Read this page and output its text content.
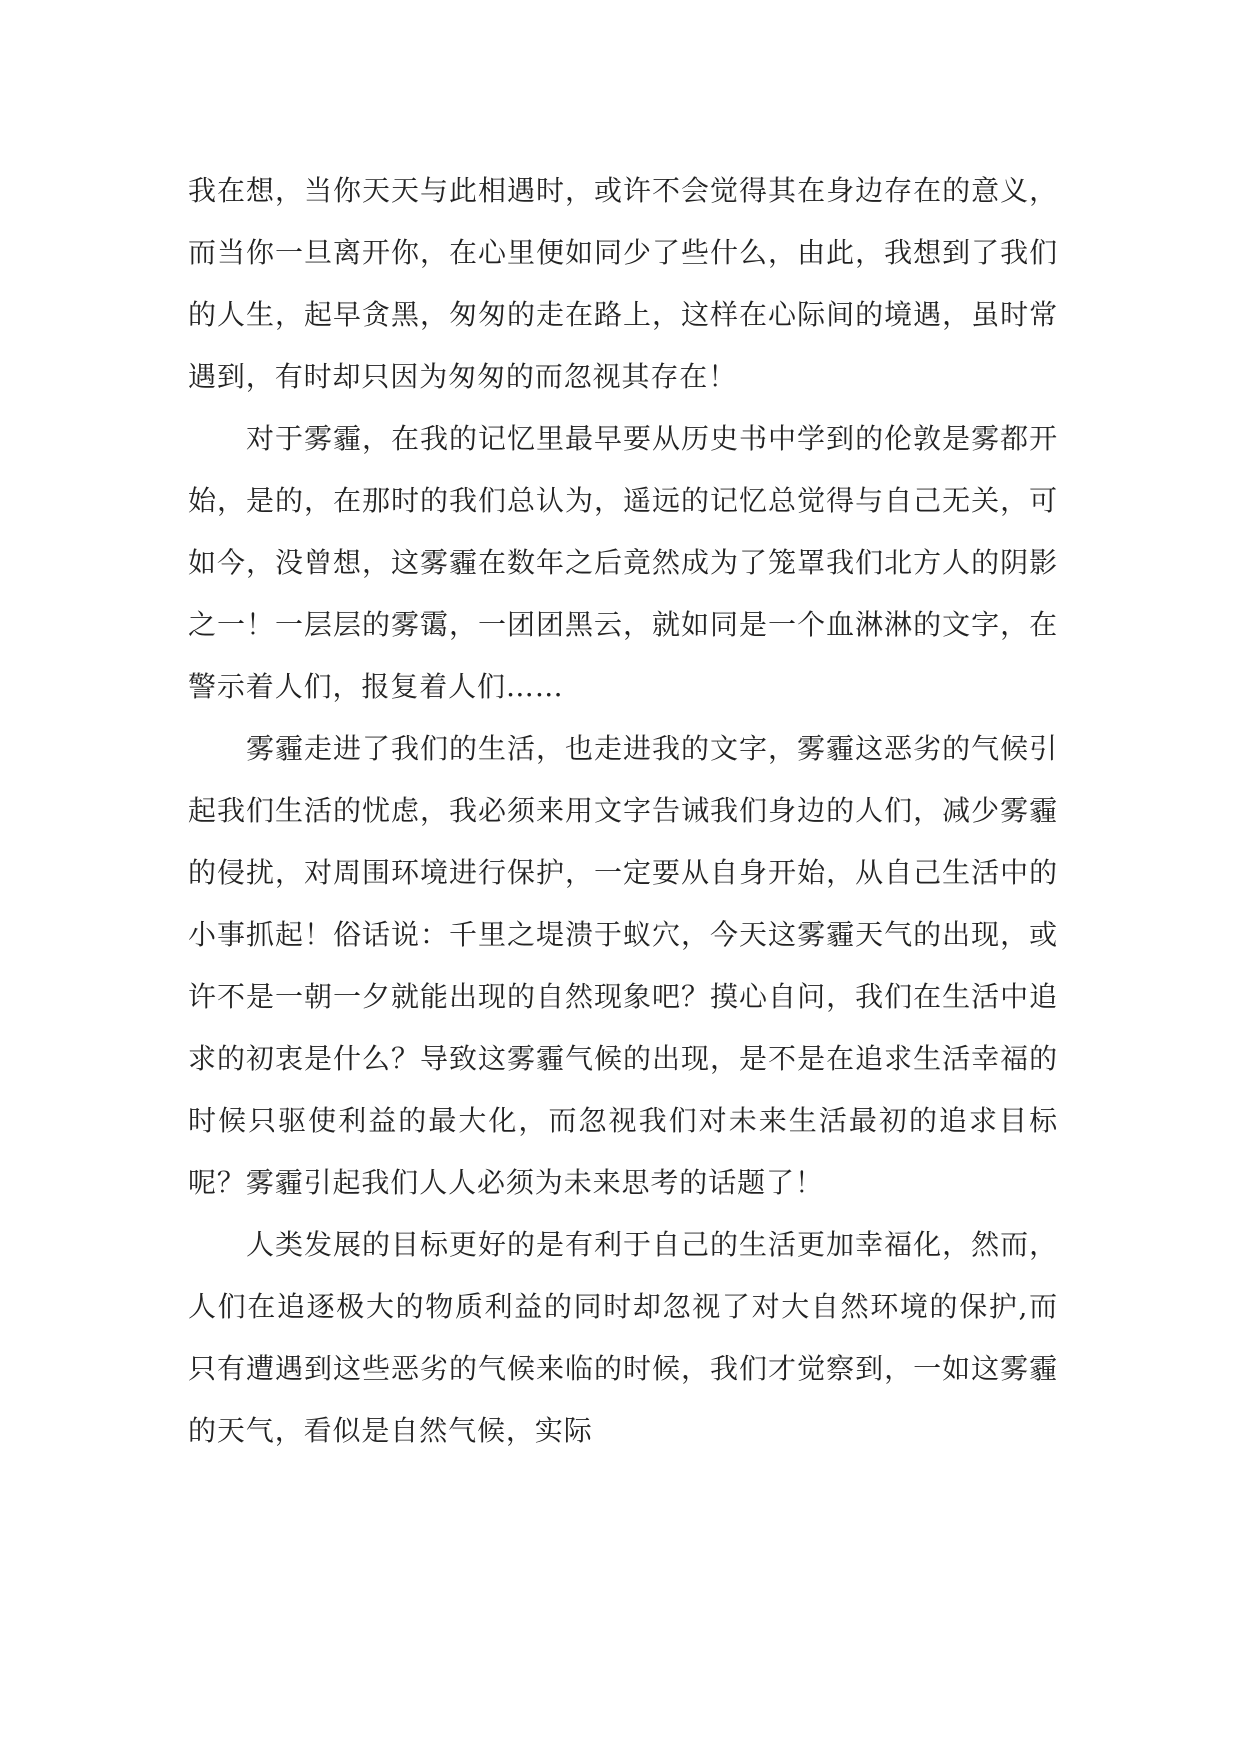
我在想，当你天天与此相遇时，或许不会觉得其在身边存在的意义，而当你一旦离开你，在心里便如同少了些什么，由此，我想到了我们的人生，起早贪黑，匆匆的走在路上，这样在心际间的境遇，虽时常遇到，有时却只因为匆匆的而忽视其存在！

对于雾霾，在我的记忆里最早要从历史书中学到的伦敦是雾都开始，是的，在那时的我们总认为，遥远的记忆总觉得与自己无关，可如今，没曾想，这雾霾在数年之后竟然成为了笼罩我们北方人的阴影之一！一层层的雾霭，一团团黑云，就如同是一个血淋淋的文字，在警示着人们，报复着人们……

雾霾走进了我们的生活，也走进我的文字，雾霾这恶劣的气候引起我们生活的忧虑，我必须来用文字告诫我们身边的人们，减少雾霾的侵扰，对周围环境进行保护，一定要从自身开始，从自己生活中的小事抓起！俗话说：千里之堤溃于蚁穴，今天这雾霾天气的出现，或许不是一朝一夕就能出现的自然现象吧？摸心自问，我们在生活中追求的初衷是什么？导致这雾霾气候的出现，是不是在追求生活幸福的时候只驱使利益的最大化，而忽视我们对未来生活最初的追求目标呢？雾霾引起我们人人必须为未来思考的话题了！

人类发展的目标更好的是有利于自己的生活更加幸福化，然而，人们在追逐极大的物质利益的同时却忽视了对大自然环境的保护,而只有遭遇到这些恶劣的气候来临的时候，我们才觉察到，一如这雾霾的天气，看似是自然气候，实际
